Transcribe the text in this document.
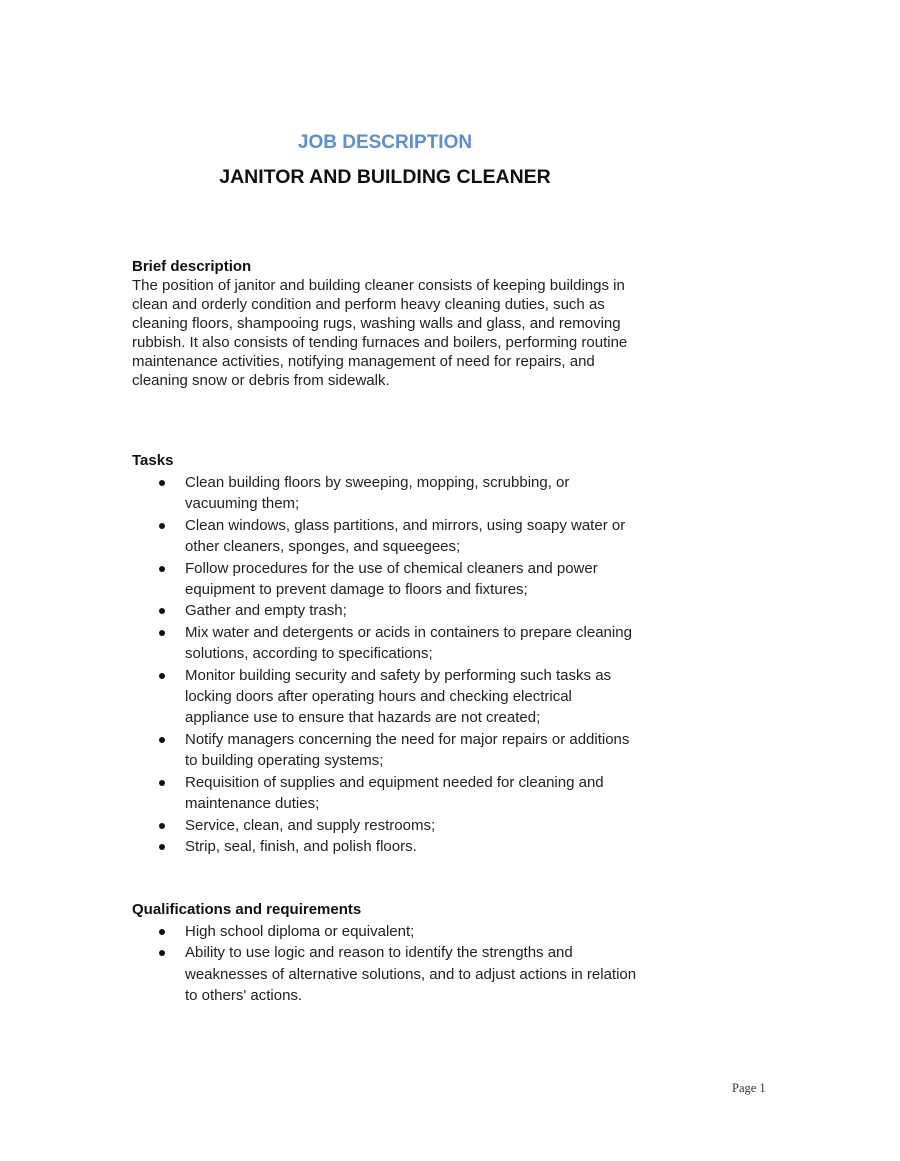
JOB DESCRIPTION
JANITOR AND BUILDING CLEANER
Brief description

The position of janitor and building cleaner consists of keeping buildings in clean and orderly condition and perform heavy cleaning duties, such as cleaning floors, shampooing rugs, washing walls and glass, and removing rubbish. It also consists of tending furnaces and boilers, performing routine maintenance activities, notifying management of need for repairs, and cleaning snow or debris from sidewalk.

Tasks
Clean building floors by sweeping, mopping, scrubbing, or vacuuming them;
Clean windows, glass partitions, and mirrors, using soapy water or other cleaners, sponges, and squeegees;
Follow procedures for the use of chemical cleaners and power equipment to prevent damage to floors and fixtures;
Gather and empty trash;
Mix water and detergents or acids in containers to prepare cleaning solutions, according to specifications;
Monitor building security and safety by performing such tasks as locking doors after operating hours and checking electrical appliance use to ensure that hazards are not created;
Notify managers concerning the need for major repairs or additions to building operating systems;
Requisition of supplies and equipment needed for cleaning and maintenance duties;
Service, clean, and supply restrooms;
Strip, seal, finish, and polish floors.
Qualifications and requirements
High school diploma or equivalent;
Ability to use logic and reason to identify the strengths and weaknesses of alternative solutions, and to adjust actions in relation to others' actions.
Page 1
